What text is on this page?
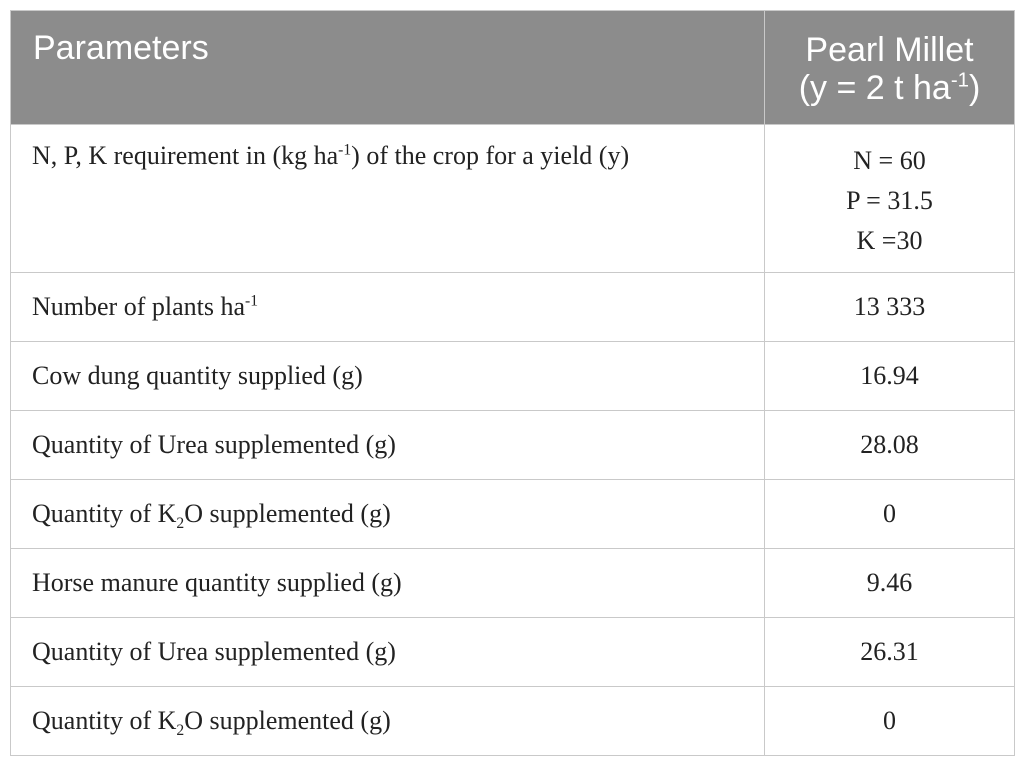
Parameters	Pearl Millet
(y = 2 t $ha^{-1}$)

N, P, K requirement in (kg $ha^{-1}$) of the crop for a yield (y)	N = 60
P = 31.5
K =30

Number of plants $ha^{-1}$	13 333
Cow dung quantity supplied (g)	16.94
Quantity of Urea supplemented (g)	28.08
Quantity of $K_2O$ supplemented (g)	0
Horse manure quantity supplied (g)	9.46
Quantity of Urea supplemented (g)	26.31
Quantity of $K_2O$ supplemented (g)	0
